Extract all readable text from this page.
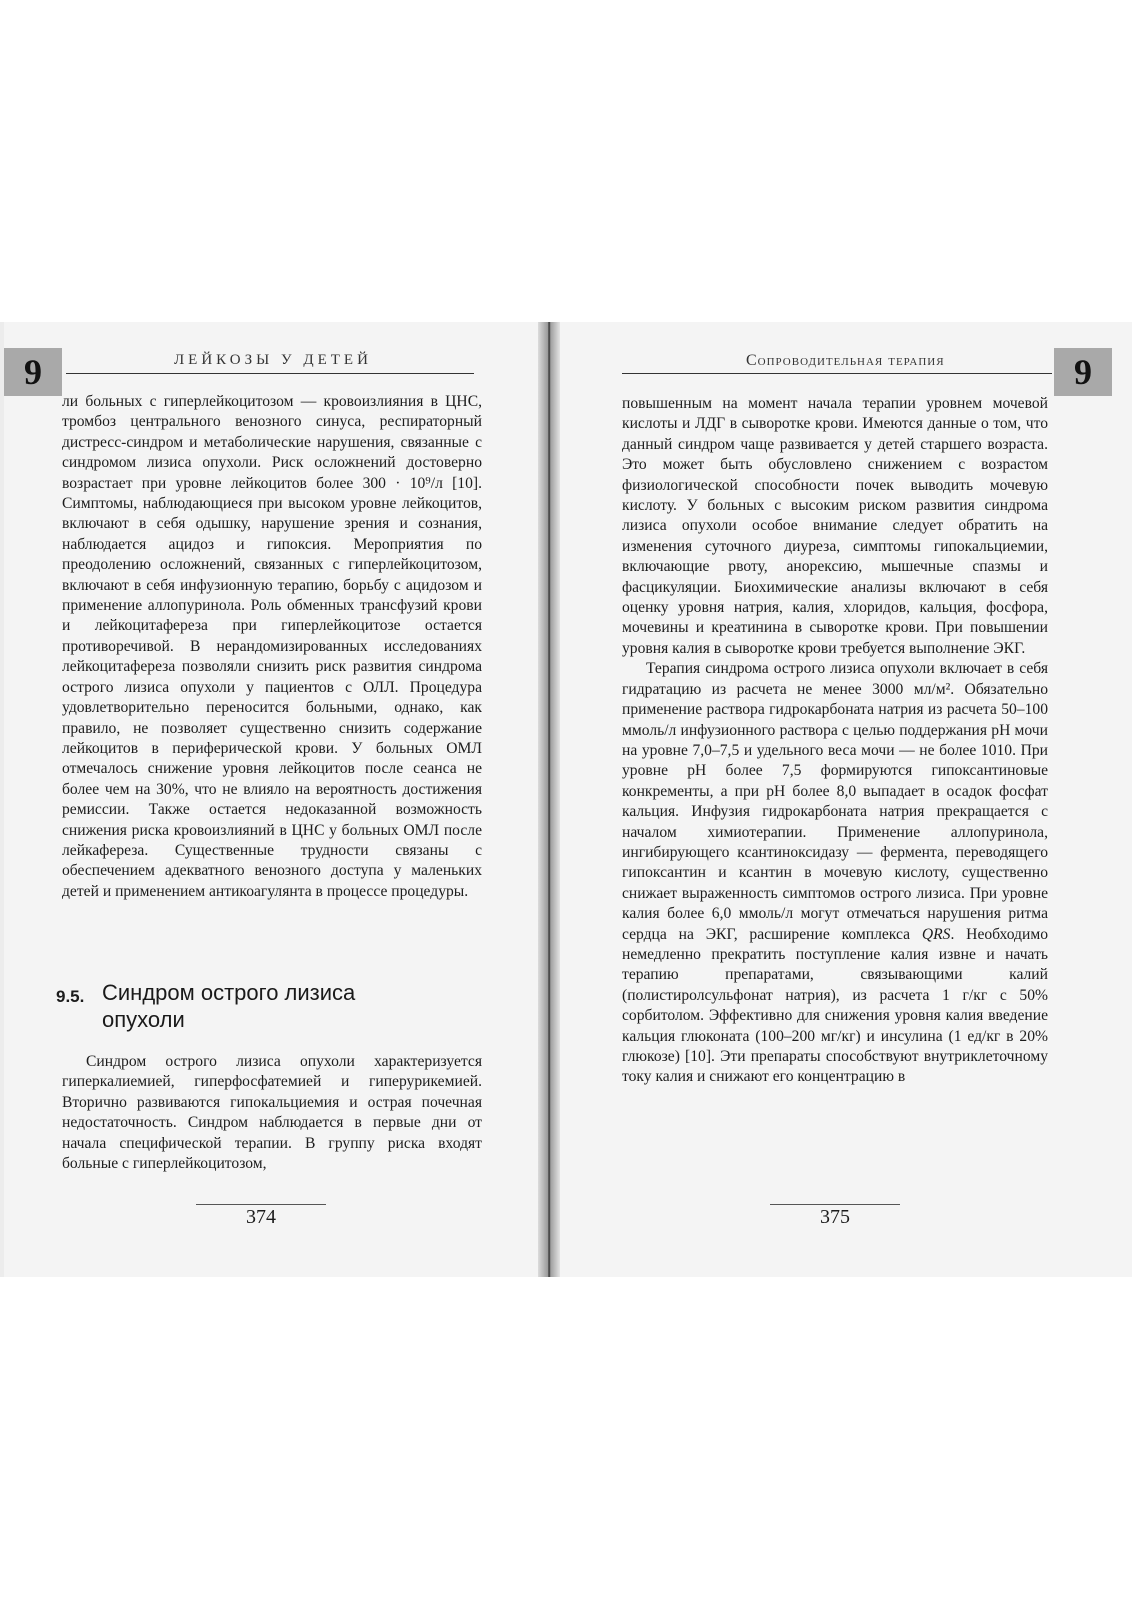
9	ЛЕЙКОЗЫ У ДЕТЕЙ

ли больных с гиперлейкоцитозом — кровоизлияния в ЦНС, тромбоз центрального венозного синуса, респираторный дистресс-синдром и метаболические нарушения, связанные с синдромом лизиса опухоли. Риск осложнений достоверно возрастает при уровне лейкоцитов более 300 · 10⁹/л [10]. Симптомы, наблюдающиеся при высоком уровне лейкоцитов, включают в себя одышку, нарушение зрения и сознания, наблюдается ацидоз и гипоксия. Мероприятия по преодолению осложнений, связанных с гиперлейкоцитозом, включают в себя инфузионную терапию, борьбу с ацидозом и применение аллопуринола. Роль обменных трансфузий крови и лейкоцитафереза при гиперлейкоцитозе остается противоречивой. В нерандомизированных исследованиях лейкоцитафереза позволяли снизить риск развития синдрома острого лизиса опухоли у пациентов с ОЛЛ. Процедура удовлетворительно переносится больными, однако, как правило, не позволяет существенно снизить содержание лейкоцитов в периферической крови. У больных ОМЛ отмечалось снижение уровня лейкоцитов после сеанса не более чем на 30%, что не влияло на вероятность достижения ремиссии. Также остается недоказанной возможность снижения риска кровоизлияний в ЦНС у больных ОМЛ после лейкафереза. Существенные трудности связаны с обеспечением адекватного венозного доступа у маленьких детей и применением антикоагулянта в процессе процедуры.

9.5. Синдром острого лизиса опухоли

Синдром острого лизиса опухоли характеризуется гиперкалиемией, гиперфосфатемией и гиперурикемией. Вторично развиваются гипокальциемия и острая почечная недостаточность. Синдром наблюдается в первые дни от начала специфической терапии. В группу риска входят больные с гиперлейкоцитозом,

374
9
Сопроводительная терапия

повышенным на момент начала терапии уровнем мочевой кислоты и ЛДГ в сыворотке крови. Имеются данные о том, что данный синдром чаще развивается у детей старшего возраста. Это может быть обусловлено снижением с возрастом физиологической способности почек выводить мочевую кислоту. У больных с высоким риском развития синдрома лизиса опухоли особое внимание следует обратить на изменения суточного диуреза, симптомы гипокальциемии, включающие рвоту, анорексию, мышечные спазмы и фасцикуляции. Биохимические анализы включают в себя оценку уровня натрия, калия, хлоридов, кальция, фосфора, мочевины и креатинина в сыворотке крови. При повышении уровня калия в сыворотке крови требуется выполнение ЭКГ.

Терапия синдрома острого лизиса опухоли включает в себя гидратацию из расчета не менее 3000 мл/м². Обязательно применение раствора гидрокарбоната натрия из расчета 50–100 ммоль/л инфузионного раствора с целью поддержания рН мочи на уровне 7,0–7,5 и удельного веса мочи — не более 1010. При уровне рН более 7,5 формируются гипоксантиновые конкременты, а при рН более 8,0 выпадает в осадок фосфат кальция. Инфузия гидрокарбоната натрия прекращается с началом химиотерапии. Применение аллопуринола, ингибирующего ксантиноксидазу — фермента, переводящего гипоксантин и ксантин в мочевую кислоту, существенно снижает выраженность симптомов острого лизиса. При уровне калия более 6,0 ммоль/л могут отмечаться нарушения ритма сердца на ЭКГ, расширение комплекса QRS. Необходимо немедленно прекратить поступление калия извне и начать терапию препаратами, связывающими калий (полистиролсульфонат натрия), из расчета 1 г/кг с 50% сорбитолом. Эффективно для снижения уровня калия введение кальция глюконата (100–200 мг/кг) и инсулина (1 ед/кг в 20% глюкозе) [10]. Эти препараты способствуют внутриклеточному току калия и снижают его концентрацию в

375
